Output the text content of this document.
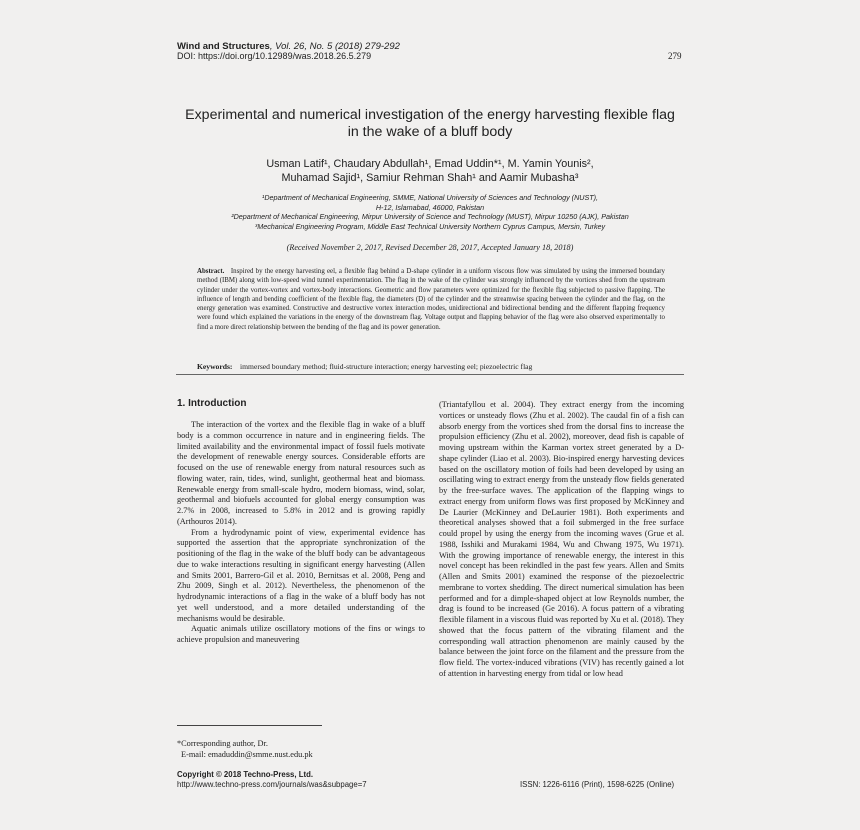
Wind and Structures, Vol. 26, No. 5 (2018) 279-292
DOI: https://doi.org/10.12989/was.2018.26.5.279	279
Experimental and numerical investigation of the energy harvesting flexible flag
in the wake of a bluff body
Usman Latif¹, Chaudary Abdullah¹, Emad Uddin*¹, M. Yamin Younis²,
Muhamad Sajid¹, Samiur Rehman Shah¹ and Aamir Mubasha³
¹Department of Mechanical Engineering, SMME, National University of Sciences and Technology (NUST),
H-12, Islamabad, 46000, Pakistan
²Department of Mechanical Engineering, Mirpur University of Science and Technology (MUST), Mirpur 10250 (AJK), Pakistan
³Mechanical Engineering Program, Middle East Technical University Northern Cyprus Campus, Mersin, Turkey
(Received November 2, 2017, Revised December 28, 2017, Accepted January 18, 2018)
Abstract. Inspired by the energy harvesting eel, a flexible flag behind a D-shape cylinder in a uniform viscous flow was simulated by using the immersed boundary method (IBM) along with low-speed wind tunnel experimentation. The flag in the wake of the cylinder was strongly influenced by the vortices shed from the upstream cylinder under the vortex-vortex and vortex-body interactions. Geometric and flow parameters were optimized for the flexible flag subjected to passive flapping. The influence of length and bending coefficient of the flexible flag, the diameters (D) of the cylinder and the streamwise spacing between the cylinder and the flag, on the energy generation was examined. Constructive and destructive vortex interaction modes, unidirectional and bidirectional bending and the different flapping frequency were found which explained the variations in the energy of the downstream flag. Voltage output and flapping behavior of the flag were also observed experimentally to find a more direct relationship between the bending of the flag and its power generation.
Keywords: immersed boundary method; fluid-structure interaction; energy harvesting eel; piezoelectric flag
1. Introduction

The interaction of the vortex and the flexible flag in wake of a bluff body is a common occurrence in nature and in engineering fields. The limited availability and the environmental impact of fossil fuels motivate the development of renewable energy sources. Considerable efforts are focused on the use of renewable energy from natural resources such as flowing water, rain, tides, wind, sunlight, geothermal heat and biomass. Renewable energy from small-scale hydro, modern biomass, wind, solar, geothermal and biofuels accounted for global energy consumption was 2.7% in 2008, increased to 5.8% in 2012 and is growing rapidly (Arthouros 2014).

From a hydrodynamic point of view, experimental evidence has supported the assertion that the appropriate synchronization of the positioning of the flag in the wake of the bluff body can be advantageous due to wake interactions resulting in significant energy harvesting (Allen and Smits 2001, Barrero-Gil et al. 2010, Bernitsas et al. 2008, Peng and Zhu 2009, Singh et al. 2012). Nevertheless, the phenomenon of the hydrodynamic interactions of a flag in the wake of a bluff body has not yet well understood, and a more detailed understanding of the mechanisms would be desirable.

Aquatic animals utilize oscillatory motions of the fins or wings to achieve propulsion and maneuvering

(Triantafyllou et al. 2004). They extract energy from the incoming vortices or unsteady flows (Zhu et al. 2002). The caudal fin of a fish can absorb energy from the vortices shed from the dorsal fins to increase the propulsion efficiency (Zhu et al. 2002), moreover, dead fish is capable of moving upstream within the Karman vortex street generated by a D-shape cylinder (Liao et al. 2003). Bio-inspired energy harvesting devices based on the oscillatory motion of foils had been developed by using an oscillating wing to extract energy from the unsteady flow fields generated by the free-surface waves. The application of the flapping wings to extract energy from uniform flows was first proposed by McKinney and De Laurier (McKinney and DeLaurier 1981). Both experiments and theoretical analyses showed that a foil submerged in the free surface could propel by using the energy from the incoming waves (Grue et al. 1988, Isshiki and Murakami 1984, Wu and Chwang 1975, Wu 1971). With the growing importance of renewable energy, the interest in this novel concept has been rekindled in the past few years. Allen and Smits (Allen and Smits 2001) examined the response of the piezoelectric membrane to vortex shedding. The direct numerical simulation has been performed and for a dimple-shaped object at low Reynolds number, the drag is found to be increased (Ge 2016). A focus pattern of a vibrating flexible filament in a viscous fluid was reported by Xu et al. (2018). They showed that the focus pattern of the vibrating filament and the corresponding wall attraction phenomenon are mainly caused by the balance between the joint force on the filament and the pressure from the flow field. The vortex-induced vibrations (VIV) has recently gained a lot of attention in harvesting energy from tidal or low head

*Corresponding author, Dr.
E-mail: emaduddin@smme.nust.edu.pk
Copyright © 2018 Techno-Press, Ltd.
http://www.techno-press.com/journals/was&subpage=7	ISSN: 1226-6116 (Print), 1598-6225 (Online)
